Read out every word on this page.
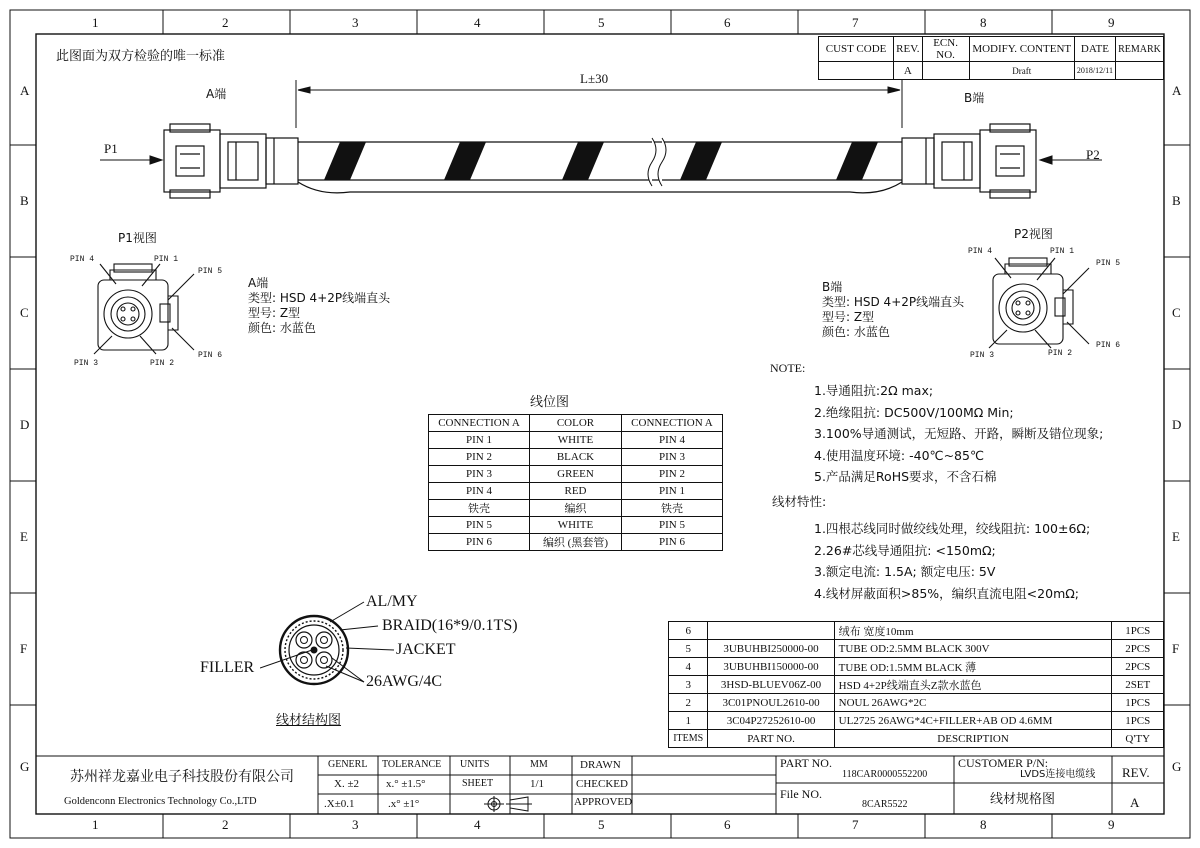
1	2	3	4	5	6	7	8	9
1	2	3	4	5	6	7	8	9
A
B
C
D
E
F
G
A
B
C
D
E
F
G
此图面为双方检验的唯一标准	CUST CODE	REV.	ECN. NO.	MODIFY. CONTENT	DATE	REMARK
	A		Draft	2018/12/11	
L±30
A端	B端
P1	P2
P1视图
PIN 4	PIN 1
PIN 5
PIN 3	PIN 2
PIN 6
A端
类型: HSD 4+2P线端直头
型号: Z型
颜色: 水蓝色
P2视图
PIN 4	PIN 1
PIN 5
PIN 3	PIN 2
PIN 6
B端
类型: HSD 4+2P线端直头
型号: Z型
颜色: 水蓝色
NOTE:
1.导通阻抗:2Ω max;
2.绝缘阻抗: DC500V/100MΩ Min;
3.100%导通测试，无短路、开路，瞬断及错位现象;
4.使用温度环境: -40℃~85℃
5.产品满足RoHS要求，不含石棉
线材特性:
1.四根芯线同时做绞线处理，绞线阻抗: 100±6Ω;
2.26#芯线导通阻抗: <150mΩ;
3.额定电流: 1.5A; 额定电压: 5V
4.线材屏蔽面积>85%，编织直流电阻<20mΩ;
线位图
CONNECTION A	COLOR	CONNECTION A
PIN 1	WHITE	PIN 4
PIN 2	BLACK	PIN 3
PIN 3	GREEN	PIN 2
PIN 4	RED	PIN 1
铁壳	编织	铁壳
PIN 5	WHITE	PIN 5
PIN 6	编织 (黑套管)	PIN 6
AL/MY
BRAID(16*9/0.1TS)
JACKET
FILLER
26AWG/4C
线材结构图
6		绒布 宽度10mm	1PCS
5	3UBUHBI250000-00	TUBE OD:2.5MM BLACK 300V	2PCS
4	3UBUHBI150000-00	TUBE OD:1.5MM BLACK 薄	2PCS
3	3HSD-BLUEV06Z-00	HSD 4+2P线端直头Z款水蓝色	2SET
2	3C01PNOUL2610-00	NOUL 26AWG*2C	1PCS
1	3C04P27252610-00	UL2725 26AWG*4C+FILLER+AB OD 4.6MM	1PCS
ITEMS	PART NO.	DESCRIPTION	Q'TY
苏州祥龙嘉业电子科技股份有限公司
Goldenconn Electronics Technology Co.,LTD
GENERL TOLERANCE UNITS	MM	DRAWN
X. ±2 x.° ±1.5°	SHEET	1/1	CHECKED
.X±0.1	.x° ±1°	APPROVED
PART NO.
118CAR0000552200
CUSTOMER P/N:
LVDS连接电缆线 REV.
File NO.
8CAR5522	线材规格图	A
